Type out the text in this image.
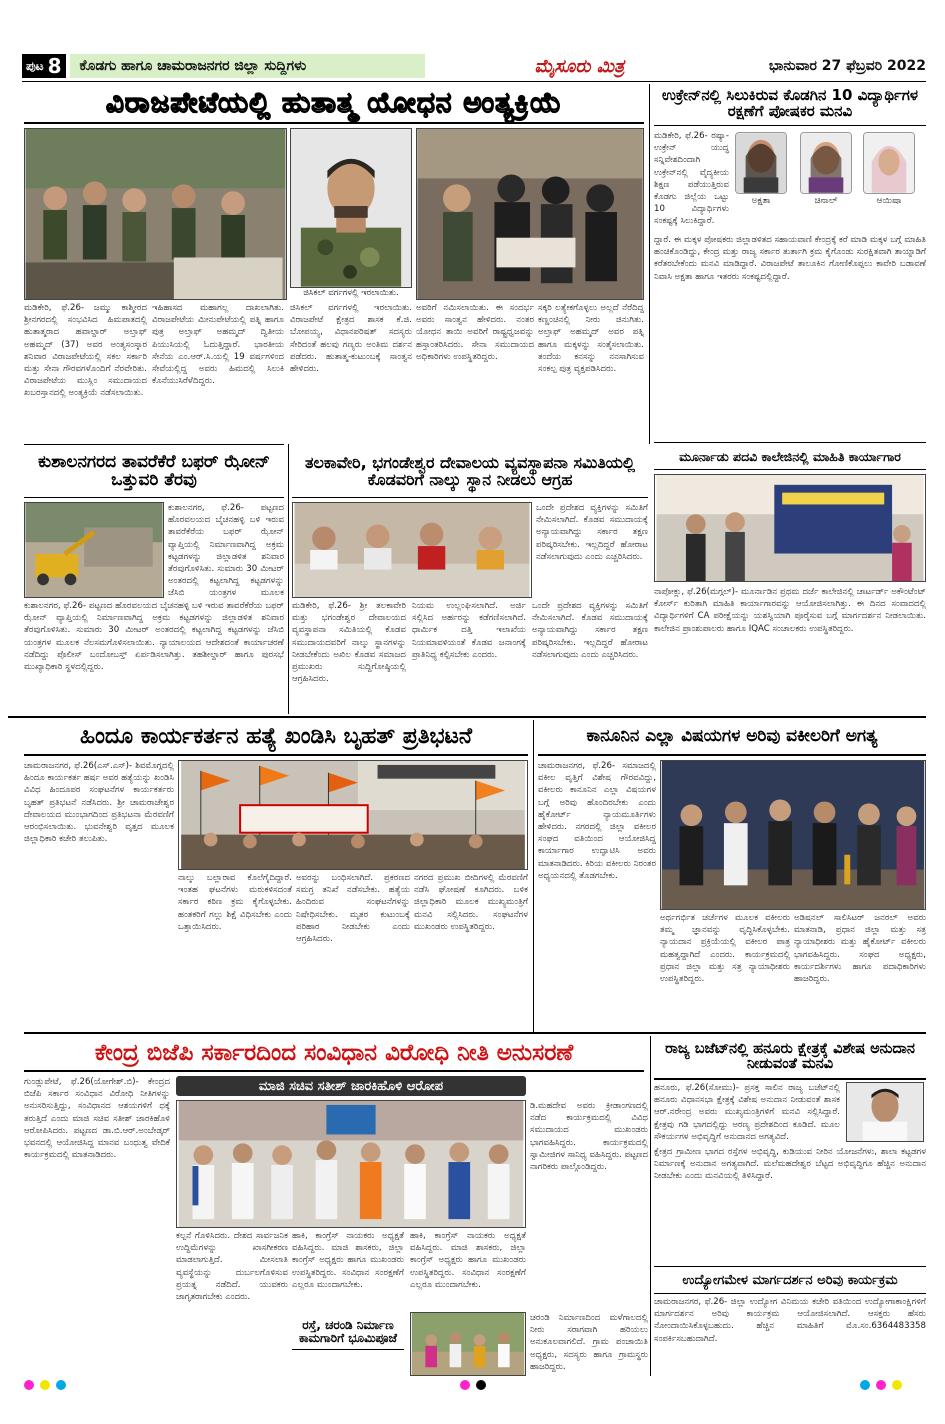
ಪುಟ 8	ಕೊಡಗು ಹಾಗೂ ಚಾಮರಾಜನಗರ ಜಿಲ್ಲಾ ಸುದ್ದಿಗಳು	ಮೈಸೂರು ಮಿತ್ರ	ಭಾನುವಾರ 27 ಫೆಬ್ರವರಿ 2022
ವಿರಾಜಪೇಟೆಯಲ್ಲಿ ಹುತಾತ್ಮ ಯೋಧನ ಅಂತ್ಯಕ್ರಿಯೆ
ಜಿಸಿಕಲ್ ವರ್ಗಗಳಲ್ಲಿ ಇರಲಾಯಿತು.
ಮಡಿಕೇರಿ, ಫೆ.26- ಜಮ್ಮು ಕಾಶ್ಮೀರದ ಶ್ರೀನಗರದಲ್ಲಿ ಸಂಭವಿಸಿದ ಹಿಮಪಾತದಲ್ಲಿ ಹುತಾತ್ಮರಾದ ಹವಾಲ್ದಾರ್ ಅಲ್ತಾಫ್ ಅಹಮ್ಮದ್ (37) ಅವರ ಅಂತ್ಯಸಂಸ್ಕಾರ ಶನಿವಾರ ವಿರಾಜಪೇಟೆಯಲ್ಲಿ ಸಕಲ ಸರ್ಕಾರಿ ಮತ್ತು ಸೇನಾ ಗೌರವಗಳೊಂದಿಗೆ ನೆರವೇರಿತು. ವಿರಾಜಪೇಟೆಯ ಮುಸ್ಲಿಂ ಸಮುದಾಯದ ಖಬರಸ್ತಾನದಲ್ಲಿ ಅಂತ್ಯಕ್ರಿಯೆ ನಡೆಸಲಾಯಿತು.
ಇಹಿಹಾಸದ ಮಹಾಗಲ್ಲ ದಾಖಲಾಗಿತು. ವಿರಾಜಪೇಟೆಯ ಮೀನುಪೇಟೆಯಲ್ಲಿ ಪತ್ನಿ ಹಾಗೂ ಪುತ್ರ ಅಲ್ತಾಫ್ ಅಹಮ್ಮದ್ ದ್ವಿತೀಯ ಪಿಯುಸಿಯಲ್ಲಿ ಓದುತ್ತಿದ್ದಾರೆ. ಭಾರತೀಯ ಸೇನೆಯ ಎಂ.ಆರ್.ಸಿ.ಯಲ್ಲಿ 19 ವರ್ಷಗಳಿಂದ ಸೇವೆಯಲ್ಲಿದ್ದ ಅವರು ಹಿಮದಲ್ಲಿ ಸಿಲುಕಿ ಕೊನೆಯುಸಿರೆಳೆದಿದ್ದರು.
ಜಿಸಿಕಲ್ ವರ್ಗಗಳಲ್ಲಿ ಇರಲಾಯಿತು. ವಿರಾಜಪೇಟೆ ಕ್ಷೇತ್ರದ ಶಾಸಕ ಕೆ.ಜಿ. ಬೋಪಯ್ಯ, ವಿಧಾನಪರಿಷತ್ ಸದಸ್ಯರು ಸೇರಿದಂತೆ ಹಲವು ಗಣ್ಯರು ಅಂತಿಮ ದರ್ಶನ ಪಡೆದರು. ಹುತಾತ್ಮ-ಕುಟುಂಬಕ್ಕೆ ಸಾಂತ್ವನ ಹೇಳಿದರು.
ಅವರಿಗೆ ನಮಿಸಲಾಯಿತು. ಈ ಸಂದರ್ಭ ಅವರು ಸಾಂತ್ವನ ಹೇಳಿದರು. ನಂತರ ಯೋಧನ ತಾಯಿ ಅವರಿಗೆ ರಾಷ್ಟ್ರಧ್ವಜವನ್ನು ಹಸ್ತಾಂತರಿಸಿದರು. ಸೇನಾ ಸಮುದಾಯದ ಅಧಿಕಾರಿಗಳು ಉಪಸ್ಥಿತರಿದ್ದರು.
ಸಕ್ಕರಿ ಲತ್ಯೇಕಗೊಳ್ಳಲು ಅಲ್ಲದೆ ನೆರೆದಿದ್ದ ಕಣ್ಣಂಚಿನಲ್ಲಿ ನೀರು ಜಿನುಗಿತು. ಅಲ್ತಾಫ್ ಅಹಮ್ಮದ್ ಅವರ ಪತ್ನಿ ಹಾಗೂ ಮಕ್ಕಳನ್ನು ಸಂತೈಸಲಾಯಿತು. ತಂದೆಯ ಕನಸನ್ನು ನನಸಾಗಿಸುವ ಸಂಕಲ್ಪ ಪುತ್ರ ವ್ಯಕ್ತಪಡಿಸಿದರು.
ಉಕ್ರೇನ್‌ನಲ್ಲಿ ಸಿಲುಕಿರುವ ಕೊಡಗಿನ 10 ವಿದ್ಯಾರ್ಥಿಗಳ ರಕ್ಷಣೆಗೆ ಪೋಷಕರ ಮನವಿ
ಮಡಿಕೇರಿ, ಫೆ.26- ರಷ್ಯಾ-ಉಕ್ರೇನ್ ಯುದ್ಧ ಸನ್ನಿವೇಶದಿಂದಾಗಿ ಉಕ್ರೇನ್‌ನಲ್ಲಿ ವೈದ್ಯಕೀಯ ಶಿಕ್ಷಣ ಪಡೆಯುತ್ತಿರುವ ಕೊಡಗು ಜಿಲ್ಲೆಯ ಒಟ್ಟು 10 ವಿದ್ಯಾರ್ಥಿಗಳು ಸಂಕಷ್ಟಕ್ಕೆ ಸಿಲುಕಿದ್ದಾರೆ.
ಅಕ್ಷತಾ	ಚಿನಾಲ್	ಆಯಿಷಾ
ದ್ದಾರೆ. ಈ ಮಕ್ಕಳ ಪೋಷಕರು ಜಿಲ್ಲಾಡಳಿತದ ಸಹಾಯವಾಣಿ ಕೇಂದ್ರಕ್ಕೆ ಕರೆ ಮಾಡಿ ಮಕ್ಕಳ ಬಗ್ಗೆ ಮಾಹಿತಿ ಹಂಚಿಕೊಂಡಿದ್ದು, ಕೇಂದ್ರ ಮತ್ತು ರಾಜ್ಯ ಸರ್ಕಾರ ತುರ್ತಾಗಿ ಕ್ರಮ ಕೈಗೊಂಡು ಸುರಕ್ಷಿತವಾಗಿ ತಾಯ್ನಾಡಿಗೆ ಕರೆತರಬೇಕೆಂದು ಮನವಿ ಮಾಡಿದ್ದಾರೆ. ವಿರಾಜಪೇಟೆ ತಾಲೂಕಿನ ಗೋಣಿಕೊಪ್ಪಲು ಕಾವೇರಿ ಬಡಾವಣೆ ನಿವಾಸಿ ಅಕ್ಷತಾ ಹಾಗೂ ಇತರರು ಸಂಕಷ್ಟದಲ್ಲಿದ್ದಾರೆ.
ಮೂರ್ನಾಡು ಪದವಿ ಕಾಲೇಜಿನಲ್ಲಿ ಮಾಹಿತಿ ಕಾರ್ಯಾಗಾರ
ನಾಪೋಕ್ಲು, ಫೆ.26(ಮಗ್ಗಲ್)- ಮೂರ್ನಾಡಿನ ಪ್ರಥಮ ದರ್ಜೆ ಕಾಲೇಜಿನಲ್ಲಿ ಚಾರ್ಟರ್ಡ್ ಅಕೌಂಟೆಂಟ್ ಕೋರ್ಸ್ ಕುರಿತಾಗಿ ಮಾಹಿತಿ ಕಾರ್ಯಾಗಾರವನ್ನು ಆಯೋಜಿಸಲಾಗಿತ್ತು. ಈ ದಿನದ ಸಂವಾದದಲ್ಲಿ ವಿದ್ಯಾರ್ಥಿಗಳಿಗೆ CA ಪರೀಕ್ಷೆಯನ್ನು ಯಶಸ್ವಿಯಾಗಿ ಪೂರೈಸುವ ಬಗ್ಗೆ ಮಾರ್ಗದರ್ಶನ ನೀಡಲಾಯಿತು. ಕಾಲೇಜಿನ ಪ್ರಾಂಶುಪಾಲರು ಹಾಗೂ IQAC ಸಂಚಾಲಕರು ಉಪಸ್ಥಿತರಿದ್ದರು.
ಕುಶಾಲನಗರದ ತಾವರೆಕೆರೆ ಬಫರ್ ಝೋನ್ ಒತ್ತುವರಿ ತೆರವು
ಕುಶಾಲನಗರ, ಫೆ.26- ಪಟ್ಟಣದ ಹೊರವಲಯದ ಬೈಚನಹಳ್ಳಿ ಬಳಿ ಇರುವ ತಾವರೆಕೆರೆಯ ಬಫರ್ ಝೋನ್ ವ್ಯಾಪ್ತಿಯಲ್ಲಿ ನಿರ್ಮಾಣವಾಗಿದ್ದ ಅಕ್ರಮ ಕಟ್ಟಡಗಳನ್ನು ಜಿಲ್ಲಾಡಳಿತ ಶನಿವಾರ ತೆರವುಗೊಳಿಸಿತು. ಸುಮಾರು 30 ಮೀಟರ್ ಅಂತರದಲ್ಲಿ ಕಟ್ಟಲಾಗಿದ್ದ ಕಟ್ಟಡಗಳನ್ನು ಜೆಸಿಬಿ ಯಂತ್ರಗಳ ಮೂಲಕ
ಕುಶಾಲನಗರ, ಫೆ.26- ಪಟ್ಟಣದ ಹೊರವಲಯದ ಬೈಚನಹಳ್ಳಿ ಬಳಿ ಇರುವ ತಾವರೆಕೆರೆಯ ಬಫರ್ ಝೋನ್ ವ್ಯಾಪ್ತಿಯಲ್ಲಿ ನಿರ್ಮಾಣವಾಗಿದ್ದ ಅಕ್ರಮ ಕಟ್ಟಡಗಳನ್ನು ಜಿಲ್ಲಾಡಳಿತ ಶನಿವಾರ ತೆರವುಗೊಳಿಸಿತು. ಸುಮಾರು 30 ಮೀಟರ್ ಅಂತರದಲ್ಲಿ ಕಟ್ಟಲಾಗಿದ್ದ ಕಟ್ಟಡಗಳನ್ನು ಜೆಸಿಬಿ ಯಂತ್ರಗಳ ಮೂಲಕ ನೆಲಸಮಗೊಳಿಸಲಾಯಿತು. ನ್ಯಾಯಾಲಯದ ಆದೇಶದಂತೆ ಕಾರ್ಯಾಚರಣೆ ನಡೆದಿದ್ದು ಪೊಲೀಸ್ ಬಂದೋಬಸ್ತ್ ಏರ್ಪಡಿಸಲಾಗಿತ್ತು. ತಹಶೀಲ್ದಾರ್ ಹಾಗೂ ಪುರಸಭೆ ಮುಖ್ಯಾಧಿಕಾರಿ ಸ್ಥಳದಲ್ಲಿದ್ದರು.
ತಲಕಾವೇರಿ, ಭಗಂಡೇಶ್ವರ ದೇವಾಲಯ ವ್ಯವಸ್ಥಾಪನಾ ಸಮಿತಿಯಲ್ಲಿ ಕೊಡವರಿಗೆ ನಾಲ್ಕು ಸ್ಥಾನ ನೀಡಲು ಆಗ್ರಹ
ಒಂದೇ ಪ್ರದೇಶದ ವ್ಯಕ್ತಿಗಳನ್ನು ಸಮಿತಿಗೆ ನೇಮಿಸಲಾಗಿದೆ. ಕೊಡವ ಸಮುದಾಯಕ್ಕೆ ಅನ್ಯಾಯವಾಗಿದ್ದು ಸರ್ಕಾರ ತಕ್ಷಣ ಪರಿಷ್ಕರಿಸಬೇಕು. ಇಲ್ಲದಿದ್ದರೆ ಹೋರಾಟ ನಡೆಸಲಾಗುವುದು ಎಂದು ಎಚ್ಚರಿಸಿದರು.
ಮಡಿಕೇರಿ, ಫೆ.26- ಶ್ರೀ ತಲಕಾವೇರಿ ಮತ್ತು ಭಗಂಡೇಶ್ವರ ದೇವಾಲಯದ ವ್ಯವಸ್ಥಾಪನಾ ಸಮಿತಿಯಲ್ಲಿ ಕೊಡವ ಸಮುದಾಯದವರಿಗೆ ನಾಲ್ಕು ಸ್ಥಾನಗಳನ್ನು ನೀಡಬೇಕೆಂದು ಅಖಿಲ ಕೊಡವ ಸಮಾಜದ ಪ್ರಮುಖರು ಸುದ್ದಿಗೋಷ್ಠಿಯಲ್ಲಿ ಆಗ್ರಹಿಸಿದರು.
ನಿಯಮ ಉಲ್ಲಂಘಿಸಲಾಗಿದೆ. ಅರ್ಜಿ ಸಲ್ಲಿಸಿದ ಅರ್ಹರನ್ನು ಕಡೆಗಣಿಸಲಾಗಿದೆ. ಧಾರ್ಮಿಕ ದತ್ತಿ ಇಲಾಖೆಯ ನಿಯಮಾವಳಿಯಂತೆ ಕೊಡವ ಜನಾಂಗಕ್ಕೆ ಪ್ರಾತಿನಿಧ್ಯ ಕಲ್ಪಿಸಬೇಕು ಎಂದರು.
ಒಂದೇ ಪ್ರದೇಶದ ವ್ಯಕ್ತಿಗಳನ್ನು ಸಮಿತಿಗೆ ನೇಮಿಸಲಾಗಿದೆ. ಕೊಡವ ಸಮುದಾಯಕ್ಕೆ ಅನ್ಯಾಯವಾಗಿದ್ದು ಸರ್ಕಾರ ತಕ್ಷಣ ಪರಿಷ್ಕರಿಸಬೇಕು. ಇಲ್ಲದಿದ್ದರೆ ಹೋರಾಟ ನಡೆಸಲಾಗುವುದು ಎಂದು ಎಚ್ಚರಿಸಿದರು.
ಹಿಂದೂ ಕಾರ್ಯಕರ್ತನ ಹತ್ಯೆ ಖಂಡಿಸಿ ಬೃಹತ್ ಪ್ರತಿಭಟನೆ
ಚಾಮರಾಜನಗರ, ಫೆ.26(ಎಸ್.ಎಸ್)- ಶಿವಮೊಗ್ಗದಲ್ಲಿ ಹಿಂದೂ ಕಾರ್ಯಕರ್ತ ಹರ್ಷ ಅವರ ಹತ್ಯೆಯನ್ನು ಖಂಡಿಸಿ ವಿವಿಧ ಹಿಂದೂಪರ ಸಂಘಟನೆಗಳ ಕಾರ್ಯಕರ್ತರು ಬೃಹತ್ ಪ್ರತಿಭಟನೆ ನಡೆಸಿದರು. ಶ್ರೀ ಚಾಮರಾಜೇಶ್ವರ ದೇವಾಲಯದ ಮುಂಭಾಗದಿಂದ ಪ್ರತಿಭಟನಾ ಮೆರವಣಿಗೆ ಆರಂಭಿಸಲಾಯಿತು. ಭುವನೇಶ್ವರಿ ವೃತ್ತದ ಮೂಲಕ ಜಿಲ್ಲಾಧಿಕಾರಿ ಕಚೇರಿ ತಲುಪಿತು.
ನಾಲ್ಕು ಬಲ್ಲಾರಾವ ಕೊಲೆಗೈದಿದ್ದಾರೆ. ಇಂತಹ ಘಟನೆಗಳು ಮರುಕಳಿಸದಂತೆ ಸರ್ಕಾರ ಕಠಿಣ ಕ್ರಮ ಕೈಗೊಳ್ಳಬೇಕು. ಹಂತಕರಿಗೆ ಗಲ್ಲು ಶಿಕ್ಷೆ ವಿಧಿಸಬೇಕು ಎಂದು ಒತ್ತಾಯಿಸಿದರು.
ಅವರನ್ನು ಬಂಧಿಸಲಾಗಿದೆ. ಪ್ರಕರಣದ ಸಮಗ್ರ ತನಿಖೆ ನಡೆಸಬೇಕು. ಹತ್ಯೆಯ ಹಿಂದಿರುವ ಸಂಘಟನೆಗಳನ್ನು ನಿಷೇಧಿಸಬೇಕು. ಮೃತರ ಕುಟುಂಬಕ್ಕೆ ಪರಿಹಾರ ನೀಡಬೇಕು ಎಂದು ಆಗ್ರಹಿಸಿದರು.
ನಗರದ ಪ್ರಮುಖ ಬೀದಿಗಳಲ್ಲಿ ಮೆರವಣಿಗೆ ನಡೆಸಿ ಘೋಷಣೆ ಕೂಗಿದರು. ಬಳಿಕ ಜಿಲ್ಲಾಧಿಕಾರಿ ಮೂಲಕ ಮುಖ್ಯಮಂತ್ರಿಗೆ ಮನವಿ ಸಲ್ಲಿಸಿದರು. ಸಂಘಟನೆಗಳ ಮುಖಂಡರು ಉಪಸ್ಥಿತರಿದ್ದರು.
ಕಾನೂನಿನ ಎಲ್ಲಾ ವಿಷಯಗಳ ಅರಿವು ವಕೀಲರಿಗೆ ಅಗತ್ಯ
ಚಾಮರಾಜನಗರ, ಫೆ.26- ಸಮಾಜದಲ್ಲಿ ವಕೀಲ ವೃತ್ತಿಗೆ ವಿಶೇಷ ಗೌರವವಿದ್ದು, ವಕೀಲರು ಕಾನೂನಿನ ಎಲ್ಲಾ ವಿಷಯಗಳ ಬಗ್ಗೆ ಅರಿವು ಹೊಂದಿರಬೇಕು ಎಂದು ಹೈಕೋರ್ಟ್ ನ್ಯಾಯಮೂರ್ತಿಗಳು ಹೇಳಿದರು. ನಗರದಲ್ಲಿ ಜಿಲ್ಲಾ ವಕೀಲರ ಸಂಘದ ವತಿಯಿಂದ ಆಯೋಜಿಸಿದ್ದ ಕಾರ್ಯಾಗಾರ ಉದ್ಘಾಟಿಸಿ ಅವರು ಮಾತನಾಡಿದರು. ಕಿರಿಯ ವಕೀಲರು ನಿರಂತರ ಅಧ್ಯಯನದಲ್ಲಿ ತೊಡಗಬೇಕು.
ಅರ್ಥಗರ್ಭಿತ ಚರ್ಚೆಗಳ ಮೂಲಕ ವಕೀಲರು ತಮ್ಮ ಜ್ಞಾನವನ್ನು ವೃದ್ಧಿಸಿಕೊಳ್ಳಬೇಕು. ನ್ಯಾಯದಾನ ಪ್ರಕ್ರಿಯೆಯಲ್ಲಿ ವಕೀಲರ ಪಾತ್ರ ಮಹತ್ವದ್ದಾಗಿದೆ ಎಂದರು. ಕಾರ್ಯಕ್ರಮದಲ್ಲಿ ಪ್ರಧಾನ ಜಿಲ್ಲಾ ಮತ್ತು ಸತ್ರ ನ್ಯಾಯಾಧೀಶರು ಉಪಸ್ಥಿತರಿದ್ದರು.
ಅಡಿಷನಲ್ ಸಾಲಿಸಿಟರ್ ಜನರಲ್ ಅವರು ಮಾತನಾಡಿ, ಪ್ರಧಾನ ಜಿಲ್ಲಾ ಮತ್ತು ಸತ್ರ ನ್ಯಾಯಾಧೀಶರು ಮತ್ತು ಹೈಕೋರ್ಟ್ ವಕೀಲರು ಭಾಗವಹಿಸಿದ್ದರು. ಸಂಘದ ಅಧ್ಯಕ್ಷರು, ಕಾರ್ಯದರ್ಶಿಗಳು ಹಾಗೂ ಪದಾಧಿಕಾರಿಗಳು ಹಾಜರಿದ್ದರು.
ಕೇಂದ್ರ ಬಿಜೆಪಿ ಸರ್ಕಾರದಿಂದ ಸಂವಿಧಾನ ವಿರೋಧಿ ನೀತಿ ಅನುಸರಣೆ
ಮಾಜಿ ಸಚಿವ ಸತೀಶ್ ಜಾರಕಿಹೊಳಿ ಆರೋಪ
ಗುಂಡ್ಲುಪೇಟೆ, ಫೆ.26(ಯೋಗೇಶ್.ಬಿ)- ಕೇಂದ್ರದ ಬಿಜೆಪಿ ಸರ್ಕಾರ ಸಂವಿಧಾನ ವಿರೋಧಿ ನೀತಿಗಳನ್ನು ಅನುಸರಿಸುತ್ತಿದ್ದು, ಸಂವಿಧಾನದ ಆಶಯಗಳಿಗೆ ಧಕ್ಕೆ ತರುತ್ತಿದೆ ಎಂದು ಮಾಜಿ ಸಚಿವ ಸತೀಶ್ ಜಾರಕಿಹೊಳಿ ಆರೋಪಿಸಿದರು. ಪಟ್ಟಣದ ಡಾ.ಬಿ.ಆರ್.ಅಂಬೇಡ್ಕರ್ ಭವನದಲ್ಲಿ ಆಯೋಜಿಸಿದ್ದ ಮಾನವ ಬಂಧುತ್ವ ವೇದಿಕೆ ಕಾರ್ಯಕ್ರಮದಲ್ಲಿ ಮಾತನಾಡಿದರು.
ಕಲ್ಪನೆ ಗೊಳಿಸಿದರು. ದೇಶದ ಸಾರ್ವಜನಿಕ ಉದ್ದಿಮೆಗಳನ್ನು ಖಾಸಗೀಕರಣ ಮಾಡಲಾಗುತ್ತಿದೆ. ಮೀಸಲಾತಿ ವ್ಯವಸ್ಥೆಯನ್ನು ದುರ್ಬಲಗೊಳಿಸುವ ಪ್ರಯತ್ನ ನಡೆದಿದೆ. ಯುವಕರು ಜಾಗೃತರಾಗಬೇಕು ಎಂದರು.
ಹಾಕಿ, ಕಾಂಗ್ರೆಸ್ ನಾಯಕರು ಅಧ್ಯಕ್ಷತೆ ವಹಿಸಿದ್ದರು. ಮಾಜಿ ಶಾಸಕರು, ಜಿಲ್ಲಾ ಕಾಂಗ್ರೆಸ್ ಅಧ್ಯಕ್ಷರು ಹಾಗೂ ಮುಖಂಡರು ಉಪಸ್ಥಿತರಿದ್ದರು. ಸಂವಿಧಾನ ಸಂರಕ್ಷಣೆಗೆ ಎಲ್ಲರೂ ಮುಂದಾಗಬೇಕು.
ಹಾಕಿ, ಕಾಂಗ್ರೆಸ್ ನಾಯಕರು ಅಧ್ಯಕ್ಷತೆ ವಹಿಸಿದ್ದರು. ಮಾಜಿ ಶಾಸಕರು, ಜಿಲ್ಲಾ ಕಾಂಗ್ರೆಸ್ ಅಧ್ಯಕ್ಷರು ಹಾಗೂ ಮುಖಂಡರು ಉಪಸ್ಥಿತರಿದ್ದರು. ಸಂವಿಧಾನ ಸಂರಕ್ಷಣೆಗೆ ಎಲ್ಲರೂ ಮುಂದಾಗಬೇಕು.
ರಸ್ತೆ, ಚರಂಡಿ ನಿರ್ಮಾಣ ಕಾಮಗಾರಿಗೆ ಭೂಮಿಪೂಜೆ
ಡಿ.ಮಹದೇವ ಅವರು ಕ್ರೀಡಾಂಗಣದಲ್ಲಿ ನಡೆದ ಕಾರ್ಯಕ್ರಮದಲ್ಲಿ ವಿವಿಧ ಸಮುದಾಯದ ಮುಖಂಡರು ಭಾಗವಹಿಸಿದ್ದರು. ಕಾರ್ಯಕ್ರಮದಲ್ಲಿ ಸ್ವಾಮೀಜಿಗಳ ಸಾನಿಧ್ಯ ವಹಿಸಿದ್ದರು. ಪಟ್ಟಣದ ನಾಗರಿಕರು ಪಾಲ್ಗೊಂಡಿದ್ದರು.
ಚರಂಡಿ ನಿರ್ಮಾಣದಿಂದ ಮಳೆಗಾಲದಲ್ಲಿ ನೀರು ಸರಾಗವಾಗಿ ಹರಿಯಲು ಅನುಕೂಲವಾಗಲಿದೆ. ಗ್ರಾಮ ಪಂಚಾಯಿತಿ ಅಧ್ಯಕ್ಷರು, ಸದಸ್ಯರು ಹಾಗೂ ಗ್ರಾಮಸ್ಥರು ಹಾಜರಿದ್ದರು.
ರಾಜ್ಯ ಬಜೆಟ್‌ನಲ್ಲಿ ಹನೂರು ಕ್ಷೇತ್ರಕ್ಕೆ ವಿಶೇಷ ಅನುದಾನ ನೀಡುವಂತೆ ಮನವಿ
ಹನೂರು, ಫೆ.26(ಸೋಮು)- ಪ್ರಸಕ್ತ ಸಾಲಿನ ರಾಜ್ಯ ಬಜೆಟ್‌ನಲ್ಲಿ ಹನೂರು ವಿಧಾನಸಭಾ ಕ್ಷೇತ್ರಕ್ಕೆ ವಿಶೇಷ ಅನುದಾನ ನೀಡುವಂತೆ ಶಾಸಕ ಆರ್.ನರೇಂದ್ರ ಅವರು ಮುಖ್ಯಮಂತ್ರಿಗಳಿಗೆ ಮನವಿ ಸಲ್ಲಿಸಿದ್ದಾರೆ. ಕ್ಷೇತ್ರವು ಗಡಿ ಭಾಗದಲ್ಲಿದ್ದು ಅರಣ್ಯ ಪ್ರದೇಶದಿಂದ ಕೂಡಿದೆ. ಮೂಲ ಸೌಕರ್ಯಗಳ ಅಭಿವೃದ್ಧಿಗೆ ಅನುದಾನದ ಅಗತ್ಯವಿದೆ.
ಕ್ಷೇತ್ರದ ಗ್ರಾಮೀಣ ಭಾಗದ ರಸ್ತೆಗಳ ಅಭಿವೃದ್ಧಿ, ಕುಡಿಯುವ ನೀರಿನ ಯೋಜನೆಗಳು, ಶಾಲಾ ಕಟ್ಟಡಗಳ ನಿರ್ಮಾಣಕ್ಕೆ ಅನುದಾನ ಅಗತ್ಯವಾಗಿದೆ. ಮಲೆಮಹದೇಶ್ವರ ಬೆಟ್ಟದ ಅಭಿವೃದ್ಧಿಗೂ ಹೆಚ್ಚಿನ ಅನುದಾನ ನೀಡಬೇಕು ಎಂದು ಮನವಿಯಲ್ಲಿ ತಿಳಿಸಿದ್ದಾರೆ.
ಉದ್ಯೋಗಮೇಳ ಮಾರ್ಗದರ್ಶನ ಅರಿವು ಕಾರ್ಯಕ್ರಮ
ಚಾಮರಾಜನಗರ, ಫೆ.26- ಜಿಲ್ಲಾ ಉದ್ಯೋಗ ವಿನಿಮಯ ಕಚೇರಿ ವತಿಯಿಂದ ಉದ್ಯೋಗಾಕಾಂಕ್ಷಿಗಳಿಗೆ ಮಾರ್ಗದರ್ಶನ ಅರಿವು ಕಾರ್ಯಕ್ರಮ ಆಯೋಜಿಸಲಾಗಿದೆ. ಆಸಕ್ತರು ಹೆಸರು ನೋಂದಾಯಿಸಿಕೊಳ್ಳಬಹುದು. ಹೆಚ್ಚಿನ ಮಾಹಿತಿಗೆ ಮೊ.ಸಂ.6364483358 ಸಂಪರ್ಕಿಸಬಹುದಾಗಿದೆ.
